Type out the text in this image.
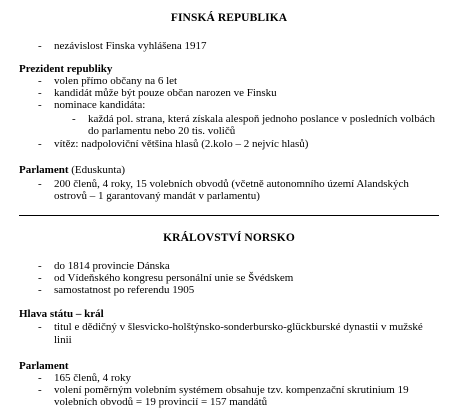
FINSKÁ REPUBLIKA
- nezávislost Finska vyhlášena 1917
Prezident republiky
- volen přímo občany na 6 let
- kandidát může být pouze občan narozen ve Finsku
- nominace kandidáta:
- každá pol. strana, která získala alespoň jednoho poslance v posledních volbách
do parlamentu nebo 20 tis. voličů
- vítěz: nadpoloviční většina hlasů (2.kolo – 2 nejvíc hlasů)
Parlament (Eduskunta)
- 200 členů, 4 roky, 15 volebních obvodů (včetně autonomního území Alandských
ostrovů – 1 garantovaný mandát v parlamentu)
KRÁLOVSTVÍ NORSKO
- do 1814 provincie Dánska
- od Vídeňského kongresu personální unie se Švédskem
- samostatnost po referendu 1905
Hlava státu – král
- titul e dědičný v šlesvicko-holštýnsko-sonderbursko-glückburské dynastii v mužské
linii
Parlament
- 165 členů, 4 roky
- volení poměrným volebním systémem obsahuje tzv. kompenzační skrutinium 19
volebních obvodů = 19 provincií = 157 mandátů
